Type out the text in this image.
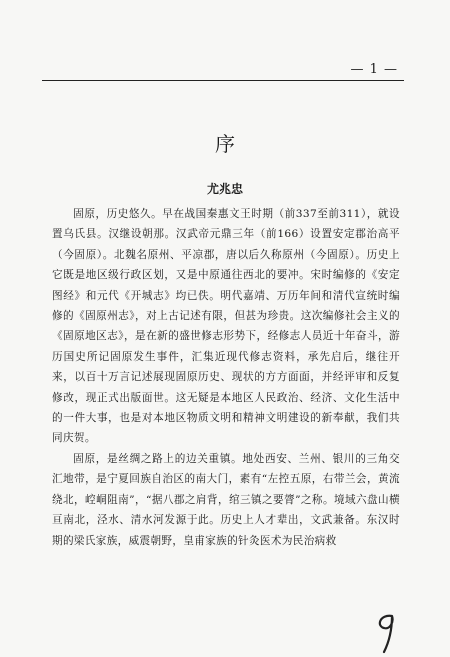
— 1 —
序
尤兆忠

固原，历史悠久。早在战国秦惠文王时期（前337至前311），就设置乌氏县。汉继设朝那。汉武帝元鼎三年（前166）设置安定郡治高平（今固原）。北魏名原州、平凉郡，唐以后久称原州（今固原）。历史上它既是地区级行政区划，又是中原通往西北的要冲。宋时编修的《安定图经》和元代《开城志》均已佚。明代嘉靖、万历年间和清代宣统时编修的《固原州志》，对上古记述有限，但甚为珍贵。这次编修社会主义的《固原地区志》，是在新的盛世修志形势下，经修志人员近十年奋斗，游历国史所记固原发生事件，汇集近现代修志资料，承先启后，继往开来，以百十万言记述展现固原历史、现状的方方面面，并经评审和反复修改，现正式出版面世。这无疑是本地区人民政治、经济、文化生活中的一件大事，也是对本地区物质文明和精神文明建设的新奉献，我们共同庆贺。

固原，是丝绸之路上的边关重镇。地处西安、兰州、银川的三角交汇地带，是宁夏回族自治区的南大门，素有“左控五原，右带兰会，黄流绕北，崆峒阻南”，“据八郡之肩背，绾三镇之要膂”之称。境域六盘山横亘南北，泾水、清水河发源于此。历史上人才辈出，文武兼备。东汉时期的梁氏家族，威震朝野，皇甫家族的针灸医术为民治病救
